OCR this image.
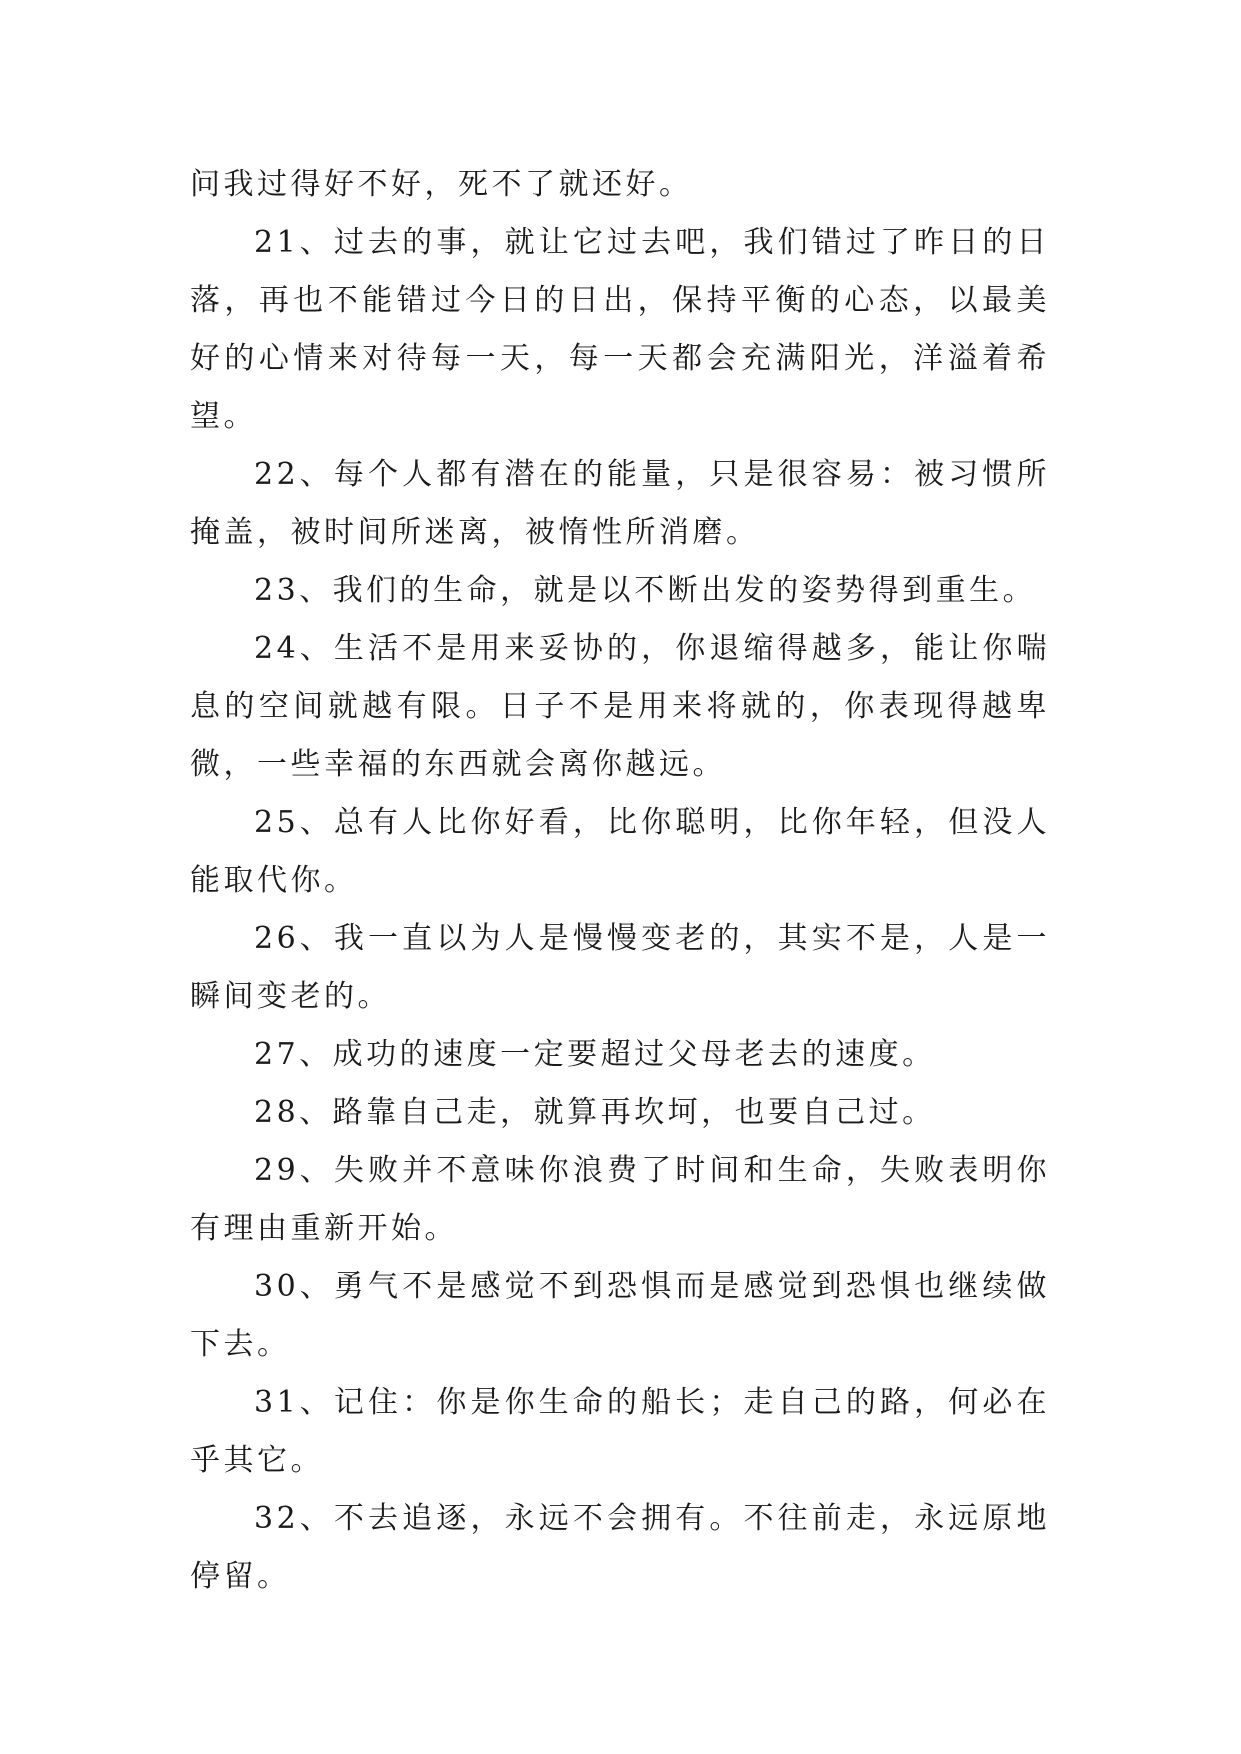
问我过得好不好，死不了就还好。

21、过去的事，就让它过去吧，我们错过了昨日的日落，再也不能错过今日的日出，保持平衡的心态，以最美好的心情来对待每一天，每一天都会充满阳光，洋溢着希望。

22、每个人都有潜在的能量，只是很容易：被习惯所掩盖，被时间所迷离，被惰性所消磨。

23、我们的生命，就是以不断出发的姿势得到重生。

24、生活不是用来妥协的，你退缩得越多，能让你喘息的空间就越有限。日子不是用来将就的，你表现得越卑微，一些幸福的东西就会离你越远。

25、总有人比你好看，比你聪明，比你年轻，但没人能取代你。

26、我一直以为人是慢慢变老的，其实不是，人是一瞬间变老的。

27、成功的速度一定要超过父母老去的速度。

28、路靠自己走，就算再坎坷，也要自己过。

29、失败并不意味你浪费了时间和生命，失败表明你有理由重新开始。

30、勇气不是感觉不到恐惧而是感觉到恐惧也继续做下去。

31、记住：你是你生命的船长；走自己的路，何必在乎其它。

32、不去追逐，永远不会拥有。不往前走，永远原地停留。
